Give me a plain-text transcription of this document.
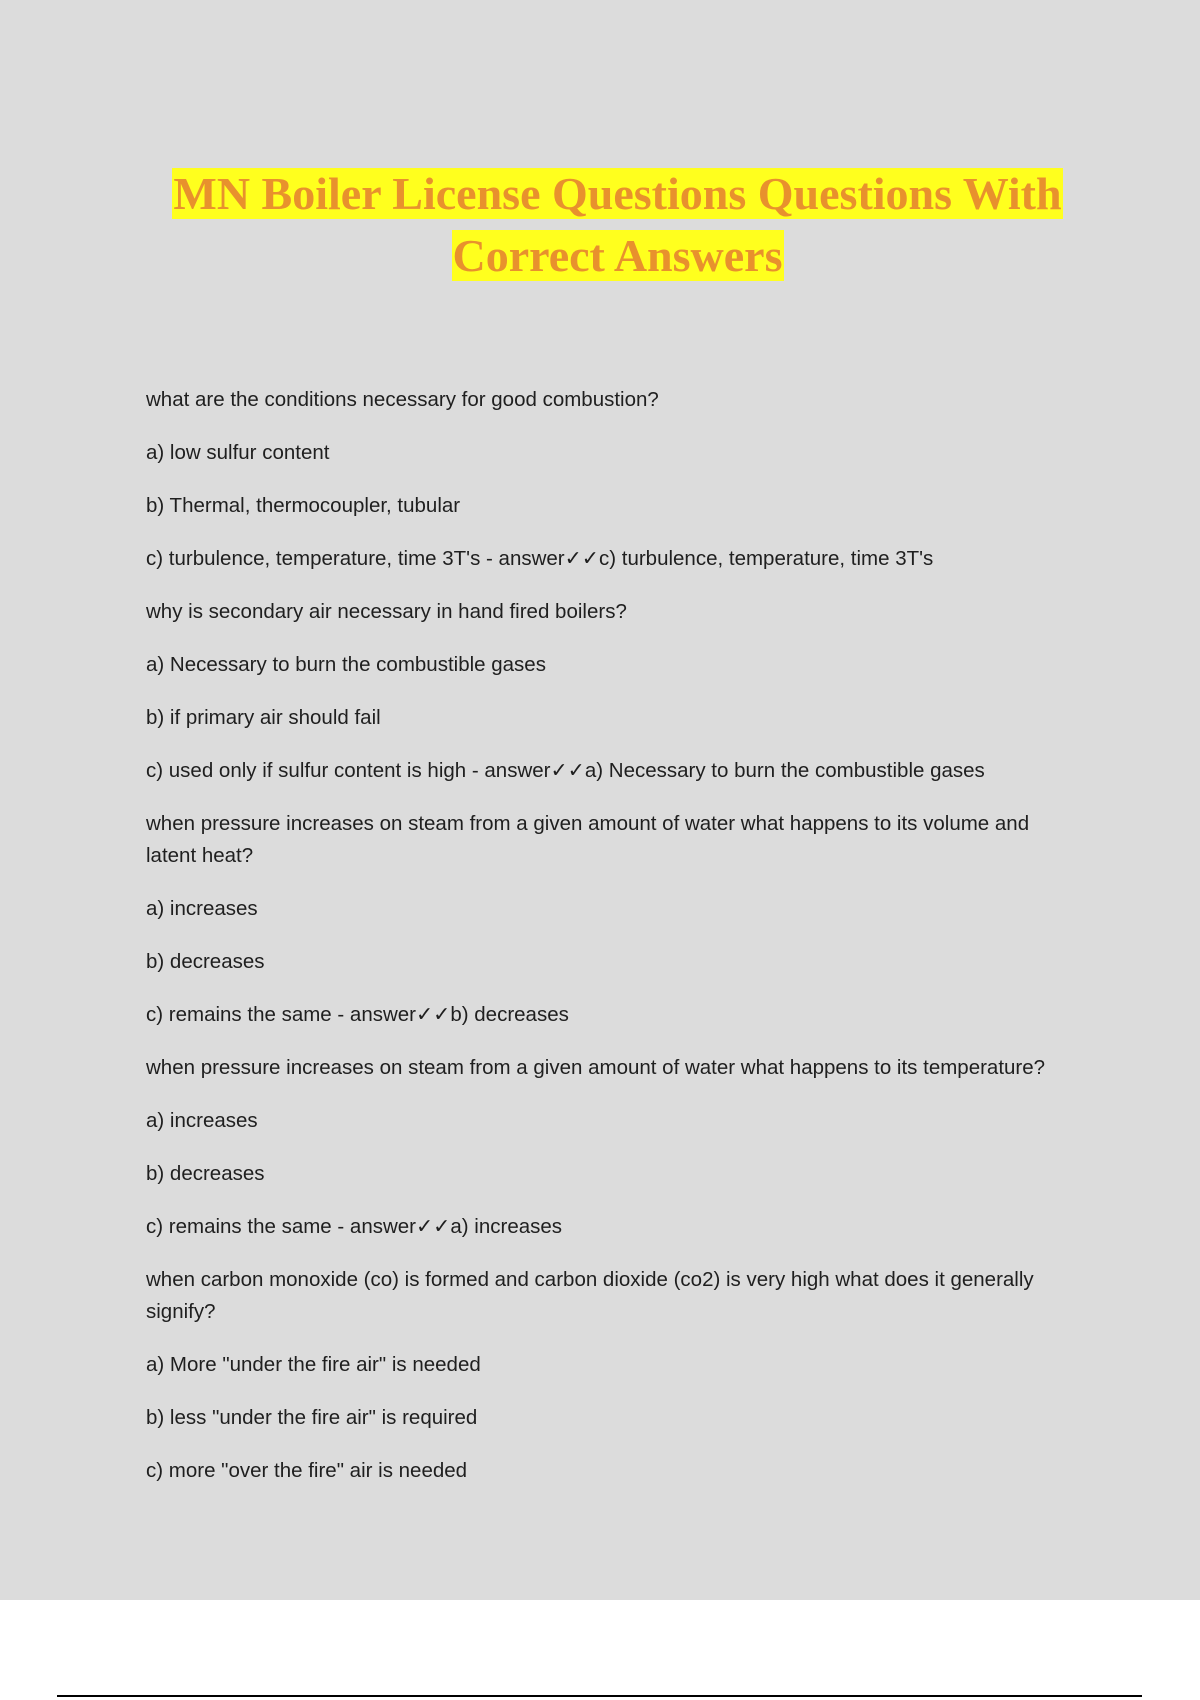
MN Boiler License Questions Questions With Correct Answers

what are the conditions necessary for good combustion?

a) low sulfur content

b) Thermal, thermocoupler, tubular

c) turbulence, temperature, time 3T's - answer✓✓c) turbulence, temperature, time 3T's

why is secondary air necessary in hand fired boilers?

a) Necessary to burn the combustible gases

b) if primary air should fail

c) used only if sulfur content is high - answer✓✓a) Necessary to burn the combustible gases

when pressure increases on steam from a given amount of water what happens to its volume and latent heat?

a) increases

b) decreases

c) remains the same - answer✓✓b) decreases

when pressure increases on steam from a given amount of water what happens to its temperature?

a) increases

b) decreases

c) remains the same - answer✓✓a) increases

when carbon monoxide (co) is formed and carbon dioxide (co2) is very high what does it generally signify?

a) More "under the fire air" is needed

b) less "under the fire air" is required

c) more "over the fire" air is needed
